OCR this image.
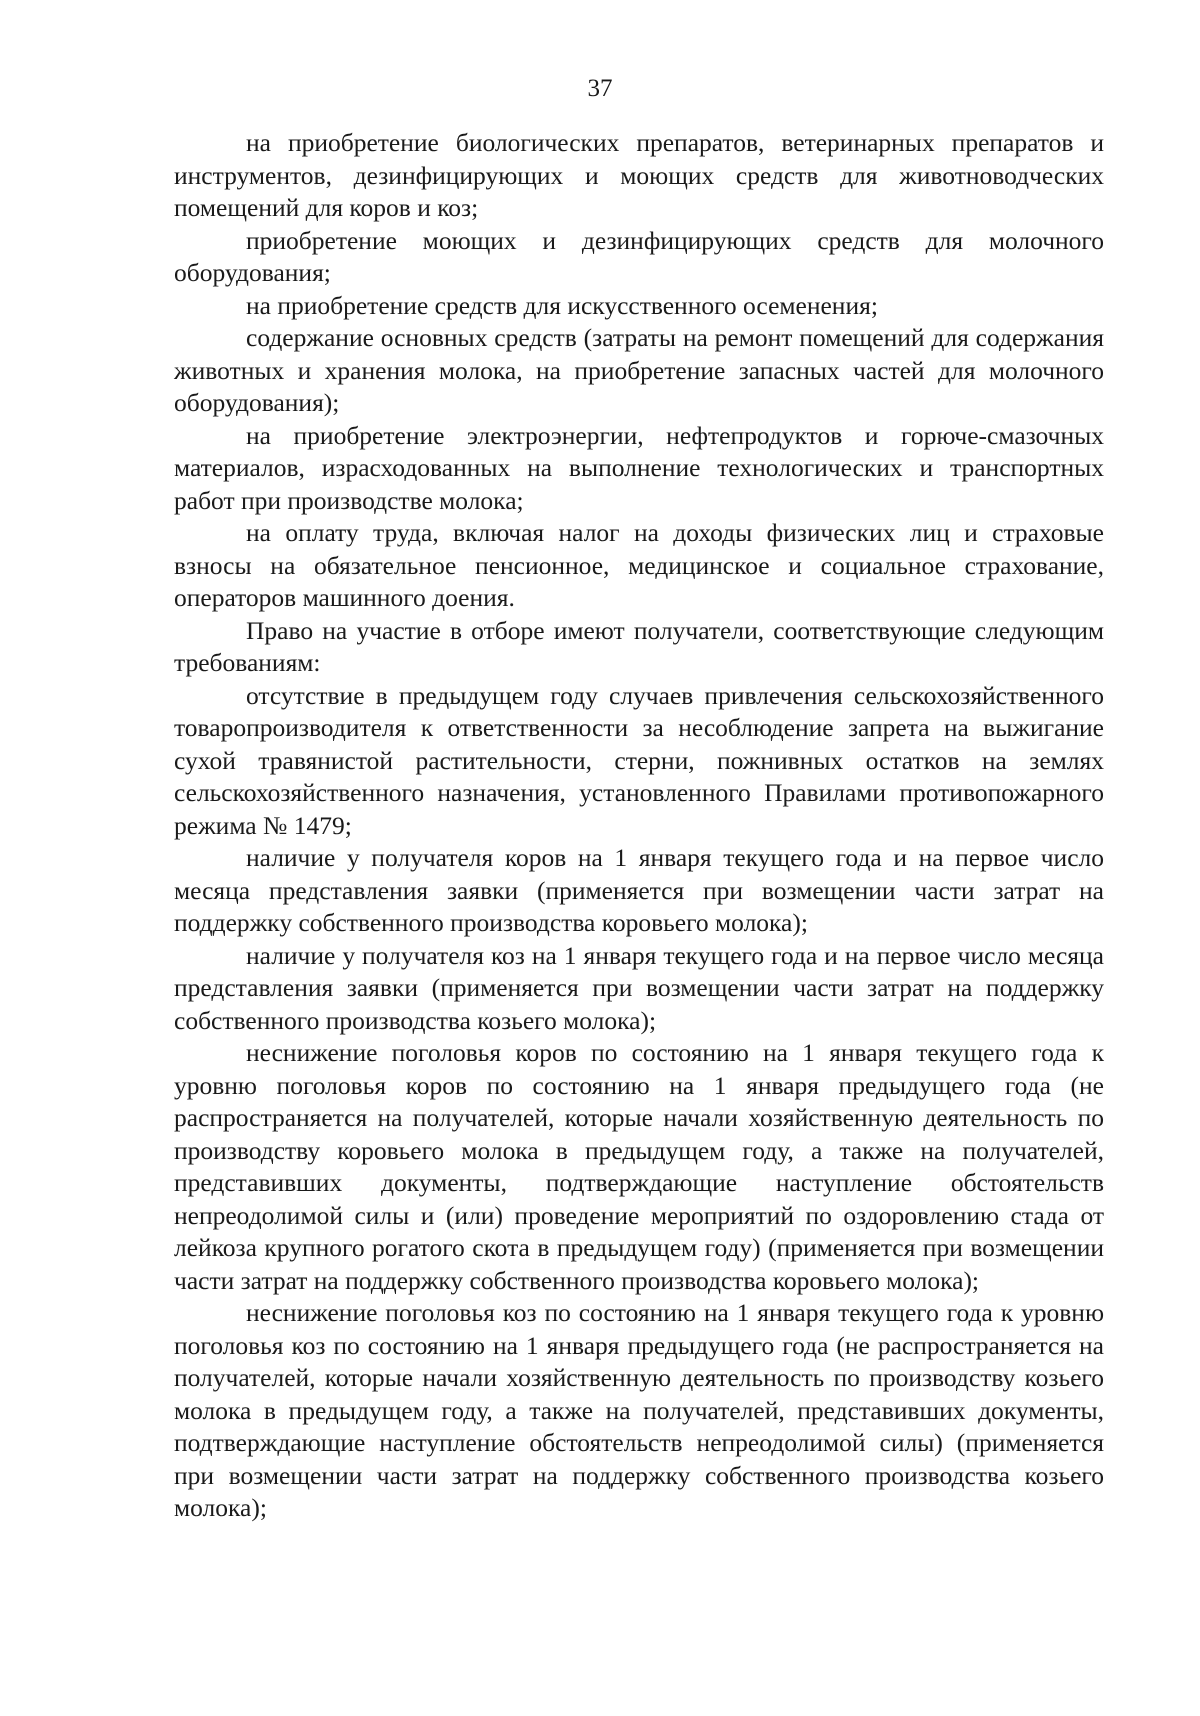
37

на приобретение биологических препаратов, ветеринарных препаратов и инструментов, дезинфицирующих и моющих средств для животноводческих помещений для коров и коз;

приобретение моющих и дезинфицирующих средств для молочного оборудования;

на приобретение средств для искусственного осеменения;

содержание основных средств (затраты на ремонт помещений для содержания животных и хранения молока, на приобретение запасных частей для молочного оборудования);

на приобретение электроэнергии, нефтепродуктов и горюче-смазочных материалов, израсходованных на выполнение технологических и транспортных работ при производстве молока;

на оплату труда, включая налог на доходы физических лиц и страховые взносы на обязательное пенсионное, медицинское и социальное страхование, операторов машинного доения.

Право на участие в отборе имеют получатели, соответствующие следующим требованиям:

отсутствие в предыдущем году случаев привлечения сельскохозяйственного товаропроизводителя к ответственности за несоблюдение запрета на выжигание сухой травянистой растительности, стерни, пожнивных остатков на землях сельскохозяйственного назначения, установленного Правилами противопожарного режима № 1479;

наличие у получателя коров на 1 января текущего года и на первое число месяца представления заявки (применяется при возмещении части затрат на поддержку собственного производства коровьего молока);

наличие у получателя коз на 1 января текущего года и на первое число месяца представления заявки (применяется при возмещении части затрат на поддержку собственного производства козьего молока);

неснижение поголовья коров по состоянию на 1 января текущего года к уровню поголовья коров по состоянию на 1 января предыдущего года (не распространяется на получателей, которые начали хозяйственную деятельность по производству коровьего молока в предыдущем году, а также на получателей, представивших документы, подтверждающие наступление обстоятельств непреодолимой силы и (или) проведение мероприятий по оздоровлению стада от лейкоза крупного рогатого скота в предыдущем году) (применяется при возмещении части затрат на поддержку собственного производства коровьего молока);

неснижение поголовья коз по состоянию на 1 января текущего года к уровню поголовья коз по состоянию на 1 января предыдущего года (не распространяется на получателей, которые начали хозяйственную деятельность по производству козьего молока в предыдущем году, а также на получателей, представивших документы, подтверждающие наступление обстоятельств непреодолимой силы) (применяется при возмещении части затрат на поддержку собственного производства козьего молока);
